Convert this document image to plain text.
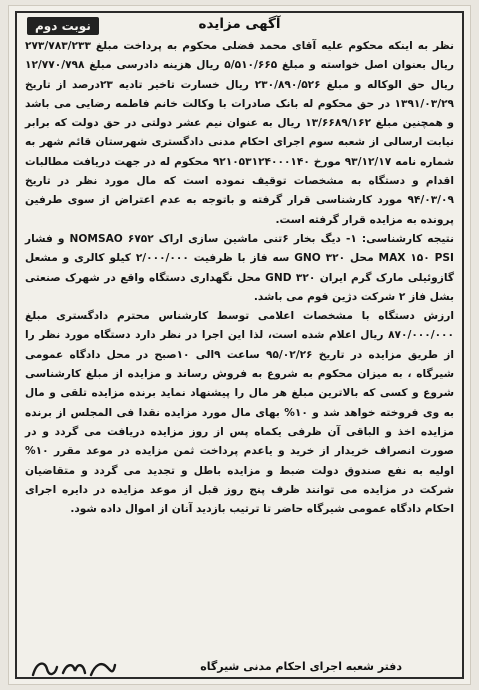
نوبت دوم	آگهی مزایده

نظر به اینکه محکوم علیه آقای محمد فضلی محکوم به پرداخت مبلغ ۲۷۳/۷۸۳/۲۳۳ ریال بعنوان اصل خواسته و مبلغ ۵/۵۱۰/۶۶۵ ریال هزینه دادرسی مبلغ ۱۲/۷۷۰/۷۹۸ ریال حق الوکاله و مبلغ ۲۳۰/۸۹۰/۵۲۶ ریال خسارت تاخیر تادیه ۲۳درصد از تاریخ ۱۳۹۱/۰۳/۲۹ در حق محکوم له بانک صادرات با وکالت خانم فاطمه رضایی می باشد و همچنین مبلغ ۱۳/۶۶۸۹/۱۶۲ ریال به عنوان نیم عشر دولتی در حق دولت که برابر نیابت ارسالی از شعبه سوم اجرای احکام مدنی دادگستری شهرستان قائم شهر به شماره نامه ۹۳/۱۲/۱۷ مورخ ۹۲۱۰۵۳۱۲۴۰۰۰۱۴۰ محکوم له در جهت دریافت مطالبات اقدام و دستگاه به مشخصات توقیف نموده است که مال مورد نظر در تاریخ ۹۴/۰۳/۰۹ مورد کارشناسی قرار گرفته و باتوجه به عدم اعتراض از سوی طرفین پرونده به مزایده قرار گرفته است.

نتیجه کارشناسی: ۱- دیگ بخار ۶تنی ماشین سازی اراک NOMSAO ۶۷۵۲ و فشار MAX ۱۵۰ PSI محل ۳۲۰ GNO سه فاز با ظرفیت ۲/۰۰۰/۰۰۰ کیلو کالری و مشعل گازوئیلی مارک گرم ایران GND ۳۲۰ محل نگهداری دستگاه واقع در شهرک صنعتی بشل فاز ۲ شرکت دژین فوم می باشد.

ارزش دستگاه با مشخصات اعلامی توسط کارشناس محترم دادگستری مبلغ ۸۷۰/۰۰۰/۰۰۰ ریال اعلام شده است، لذا این اجرا در نظر دارد دستگاه مورد نظر را از طریق مزایده در تاریخ ۹۵/۰۲/۲۶ ساعت ۹الی ۱۰صبح در محل دادگاه عمومی شیرگاه ، به میزان محکوم به شروع به فروش رساند و مزایده از مبلغ کارشناسی شروع و کسی که بالاترین مبلغ هر مال را پیشنهاد نماید برنده مزایده تلقی و مال به وی فروخته خواهد شد و ۱۰% بهای مال مورد مزایده نقدا فی المجلس از برنده مزایده اخذ و الباقی آن ظرفی یکماه پس از روز مزایده دریافت می گردد و در صورت انصراف خریدار از خرید و یاعدم پرداخت ثمن مزایده در موعد مقرر ۱۰% اولیه به نفع صندوق دولت ضبط و مزایده باطل و تجدید می گردد و متقاضیان شرکت در مزایده می توانند ظرف پنج روز قبل از موعد مزایده در دایره اجرای احکام دادگاه عمومی شیرگاه حاضر تا ترتیب بازدید آنان از اموال داده شود.

دفتر شعبه اجرای احکام مدنی شیرگاه
